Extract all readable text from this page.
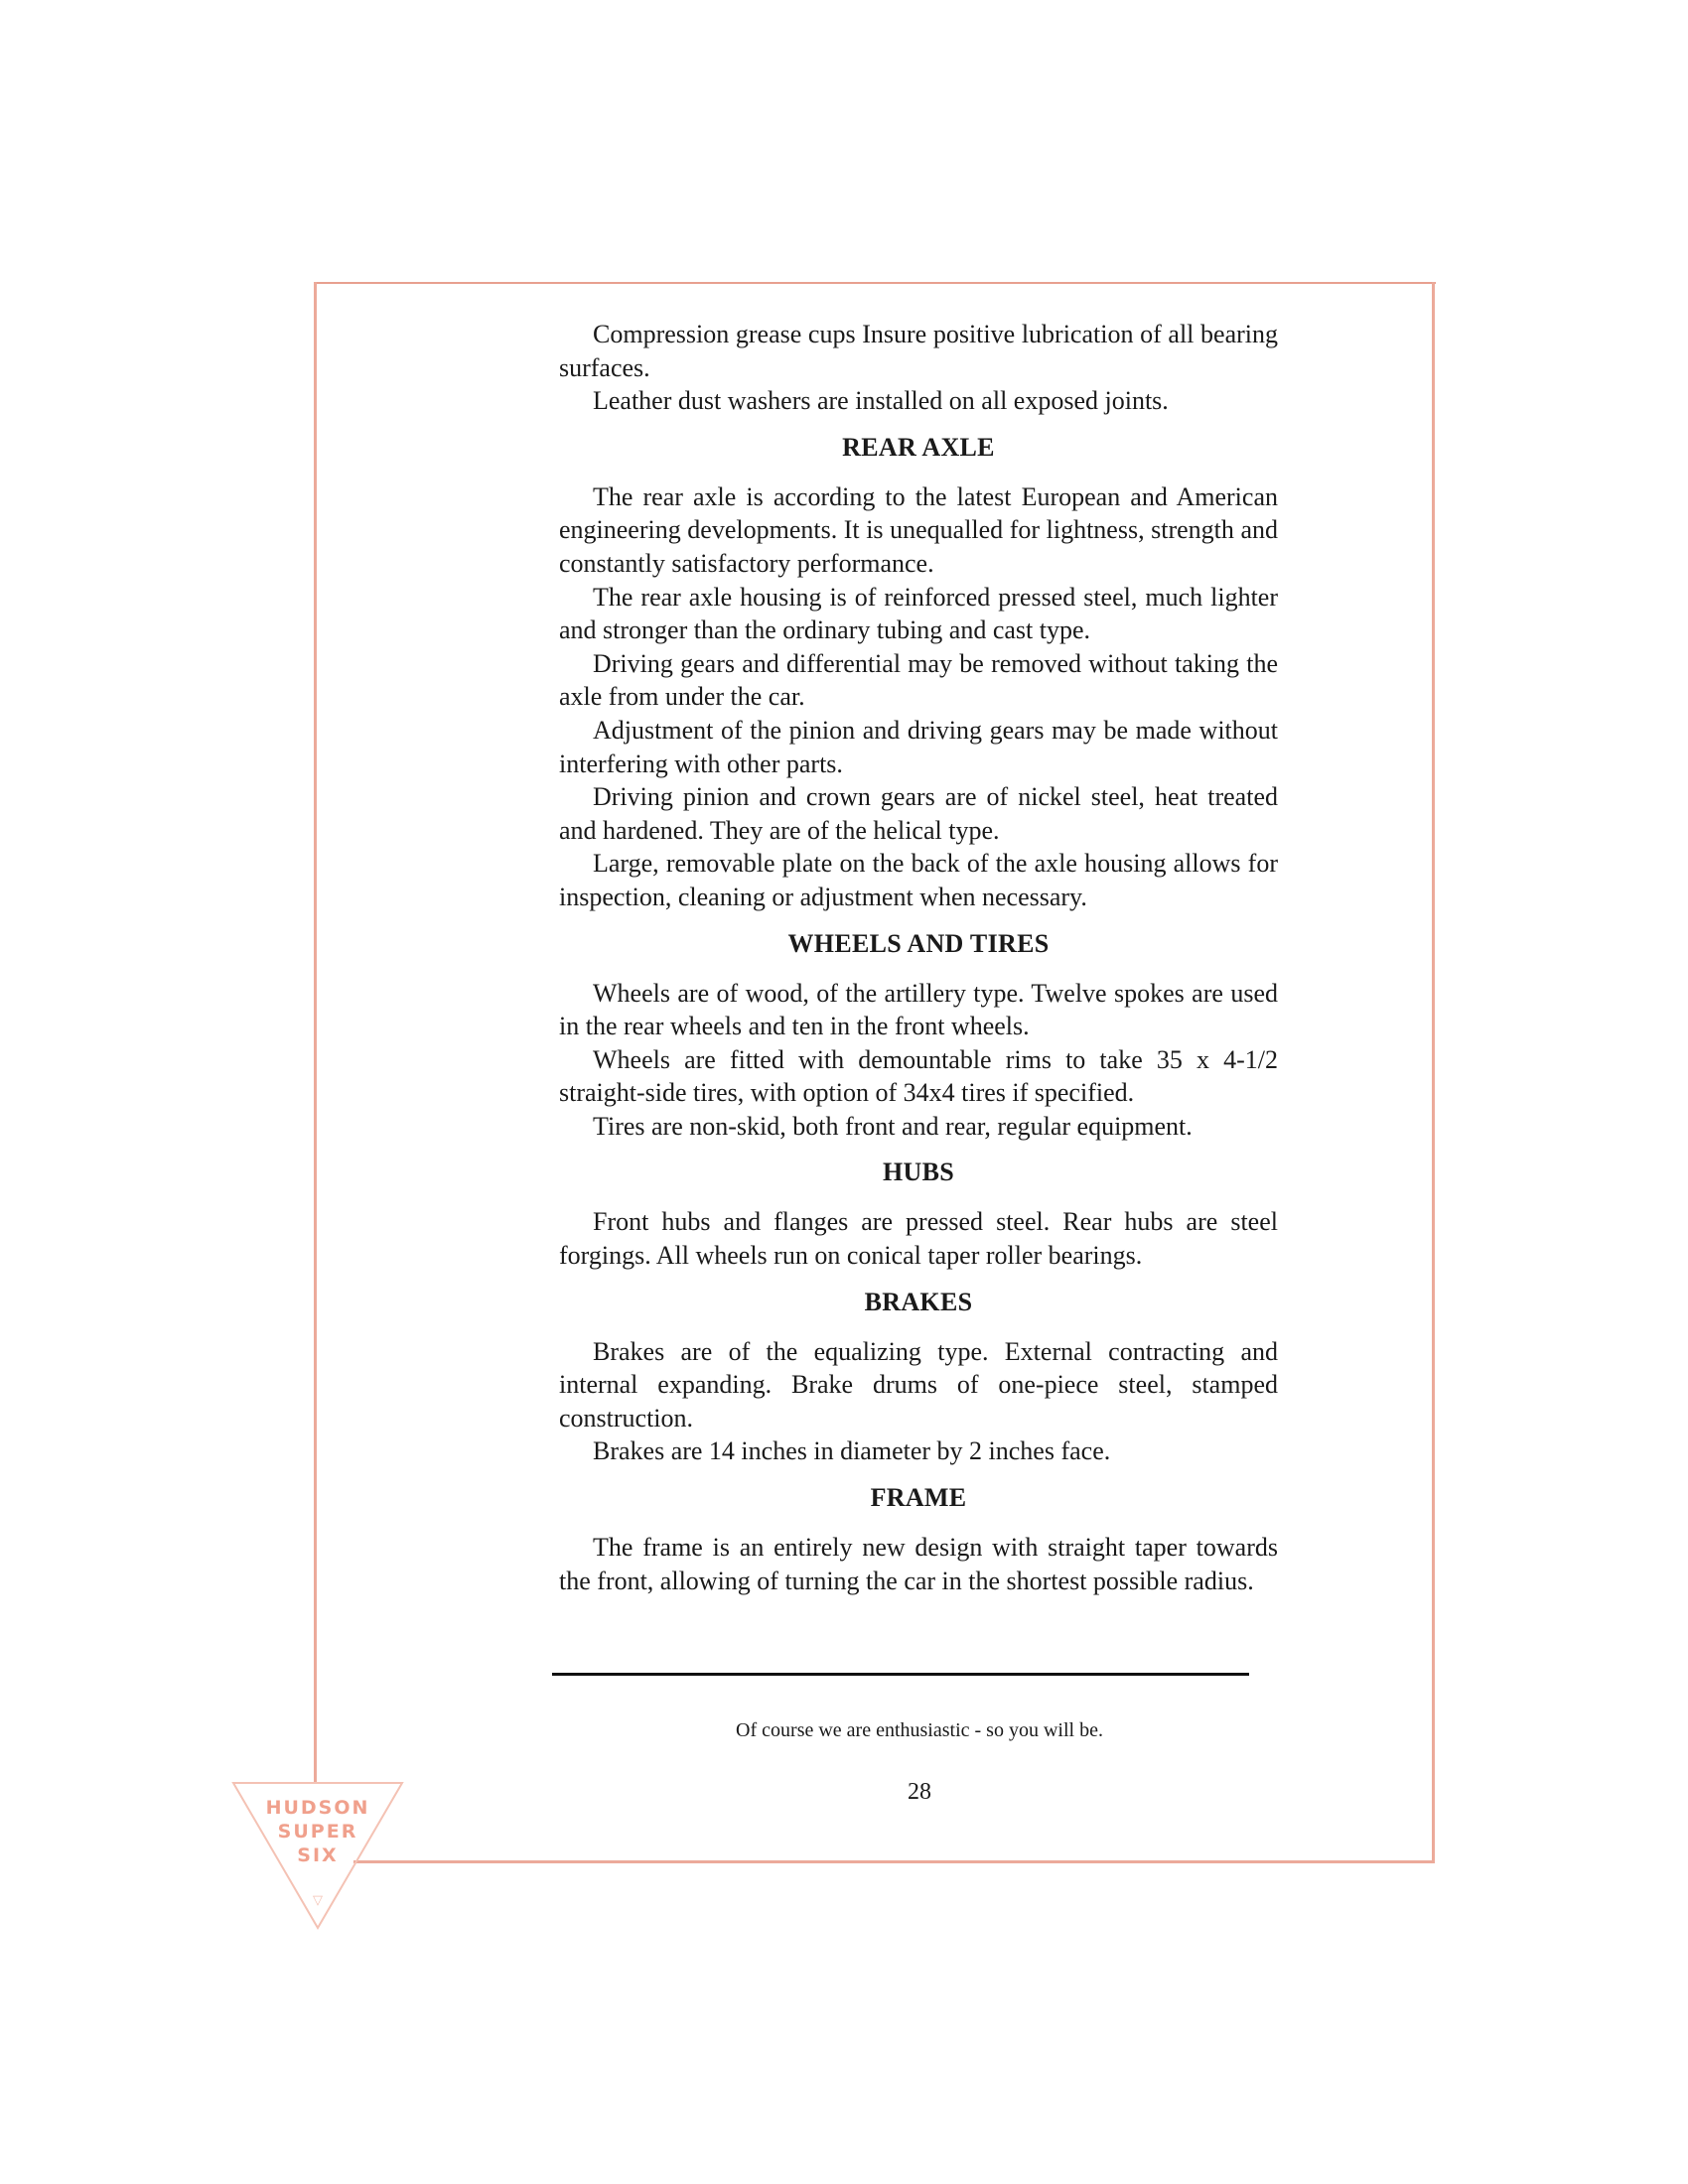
Compression grease cups Insure positive lubrication of all bearing surfaces.

Leather dust washers are installed on all exposed joints.

REAR AXLE

The rear axle is according to the latest European and American engineering developments. It is unequalled for lightness, strength and constantly satisfactory performance.

The rear axle housing is of reinforced pressed steel, much lighter and stronger than the ordinary tubing and cast type.

Driving gears and differential may be removed without taking the axle from under the car.

Adjustment of the pinion and driving gears may be made without interfering with other parts.

Driving pinion and crown gears are of nickel steel, heat treated and hardened. They are of the helical type.

Large, removable plate on the back of the axle housing allows for inspection, cleaning or adjustment when necessary.

WHEELS AND TIRES

Wheels are of wood, of the artillery type. Twelve spokes are used in the rear wheels and ten in the front wheels.

Wheels are fitted with demountable rims to take 35 x 4-1/2 straight-side tires, with option of 34x4 tires if specified.

Tires are non-skid, both front and rear, regular equipment.

HUBS

Front hubs and flanges are pressed steel. Rear hubs are steel forgings. All wheels run on conical taper roller bearings.

BRAKES

Brakes are of the equalizing type. External contracting and internal expanding. Brake drums of one-piece steel, stamped construction.

Brakes are 14 inches in diameter by 2 inches face.

FRAME

The frame is an entirely new design with straight taper towards the front, allowing of turning the car in the shortest possible radius.

Of course we are enthusiastic - so you will be.
28
▽
HUDSON
SUPER
SIX
